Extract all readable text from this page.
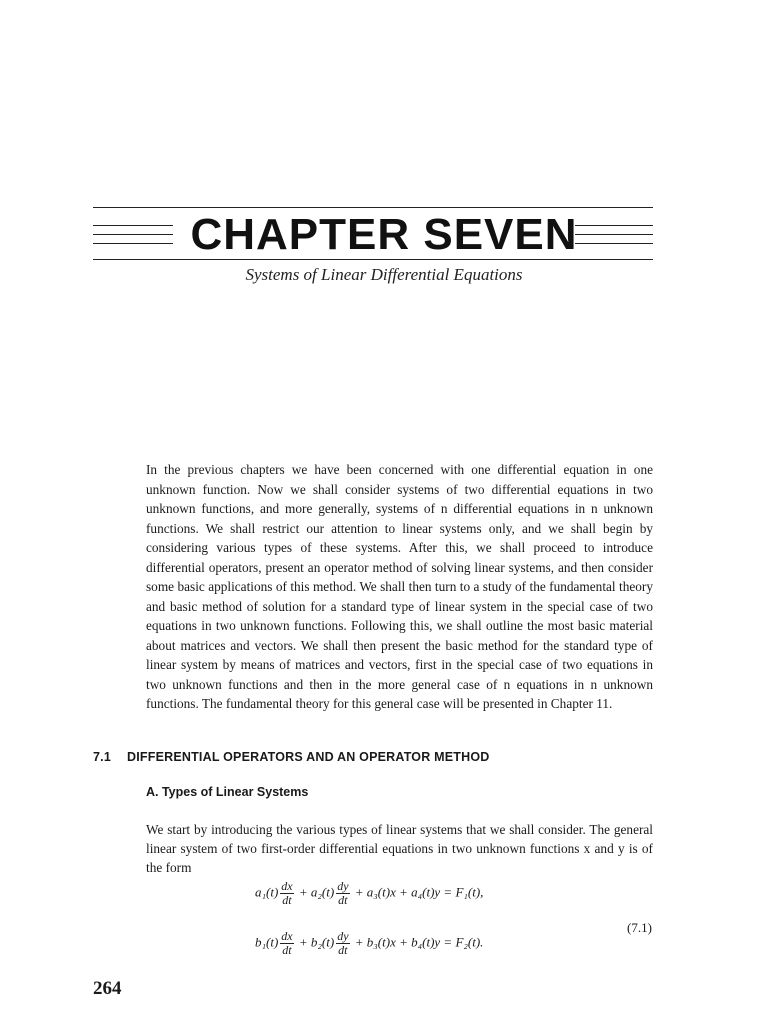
CHAPTER SEVEN
Systems of Linear Differential Equations

In the previous chapters we have been concerned with one differential equation in one unknown function. Now we shall consider systems of two differential equations in two unknown functions, and more generally, systems of n differential equations in n unknown functions. We shall restrict our attention to linear systems only, and we shall begin by considering various types of these systems. After this, we shall proceed to introduce differential operators, present an operator method of solving linear systems, and then consider some basic applications of this method. We shall then turn to a study of the fundamental theory and basic method of solution for a standard type of linear system in the special case of two equations in two unknown functions. Following this, we shall outline the most basic material about matrices and vectors. We shall then present the basic method for the standard type of linear system by means of matrices and vectors, first in the special case of two equations in two unknown functions and then in the more general case of n equations in n unknown functions. The fundamental theory for this general case will be presented in Chapter 11.

7.1 DIFFERENTIAL OPERATORS AND AN OPERATOR METHOD
A. Types of Linear Systems

We start by introducing the various types of linear systems that we shall consider. The general linear system of two first-order differential equations in two unknown functions x and y is of the form

$a_1(t) \frac{dx}{dt} + a_2(t) \frac{dy}{dt} + a_3(t)x + a_4(t)y = F_1(t)$,
$b_1(t) \frac{dx}{dt} + b_2(t) \frac{dy}{dt} + b_3(t)x + b_4(t)y = F_2(t)$.
(7.1)
264
